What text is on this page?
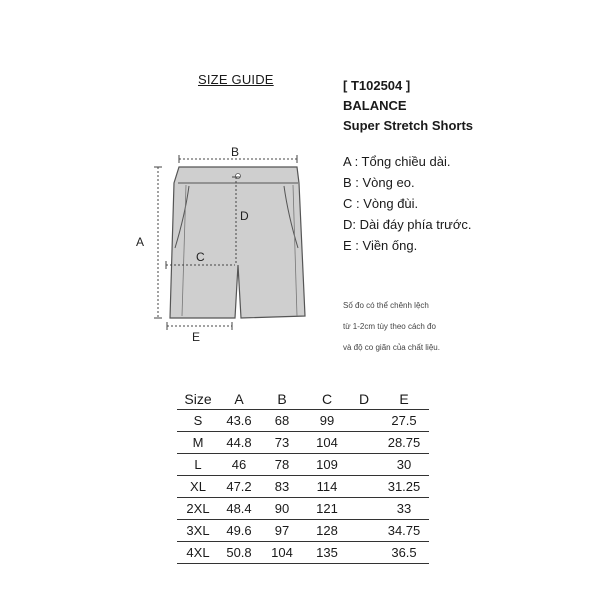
SIZE GUIDE	[ T102504 ]
BALANCE
Super Stretch Shorts
A : Tổng chiều dài.
B : Vòng eo.
C : Vòng đùi.
D: Dài đáy phía trước.
E : Viền ống.
Số đo có thể chênh lệch
từ 1-2cm tùy theo cách đo
và độ co giãn của chất liệu.
B
A
D
C
E
Size	A	B	C	D	E
S	43.6	68	99		27.5
M	44.8	73	104		28.75
L	46	78	109		30
XL	47.2	83	114		31.25
2XL	48.4	90	121		33
3XL	49.6	97	128		34.75
4XL	50.8	104	135		36.5
